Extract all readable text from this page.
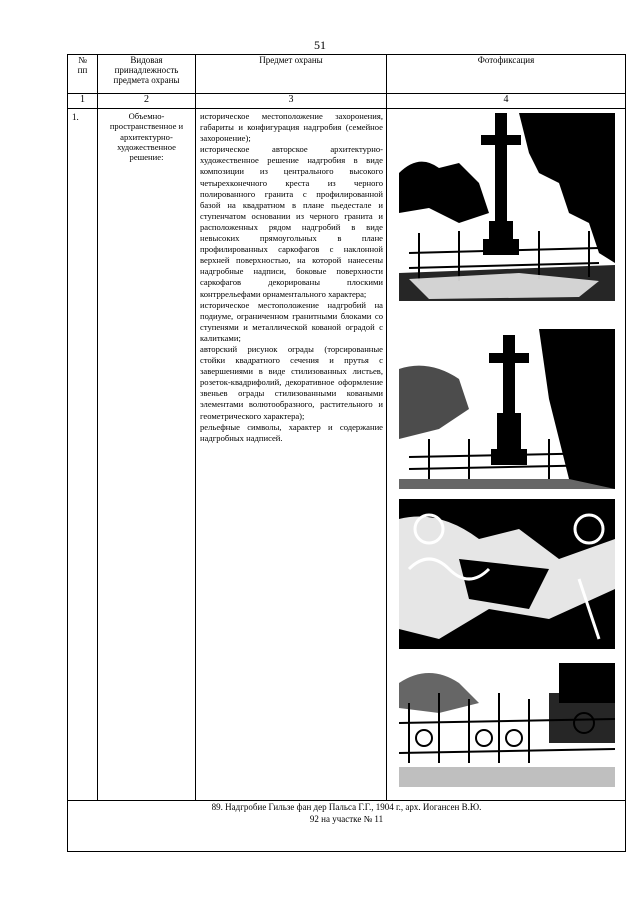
51
№
пп	Видовая принадлежность предмета охраны	Предмет охраны	Фотофиксация
1	2	3	4
1.	Объемно-пространственное и архитектурно-художественное решение:	историческое местоположение захоронения, габариты и конфигурация надгробия (семейное захоронение);

историческое авторское архитектурно-художественное решение надгробия в виде композиции из центрального высокого четырехконечного креста из черного полированного гранита с профилированной базой на квадратном в плане пьедестале и ступенчатом основании из черного гранита и расположенных рядом надгробий в виде невысоких прямоугольных в плане профилированных саркофагов с наклонной верхней поверхностью, на которой нанесены надгробные надписи, боковые поверхности саркофагов декорированы плоскими контррельефами орнаментального характера;

историческое местоположение надгробий на подиуме, ограниченном гранитными блоками со ступенями и металлической кованой оградой с калитками;

авторский рисунок ограды (торсированные стойки квадратного сечения и прутья с завершениями в виде стилизованных листьев, розеток-квадрифолий, декоративное оформление звеньев ограды стилизованными коваными элементами волютообразного, растительного и геометрического характера);

рельефные символы, характер и содержание надгробных надписей.

89. Надгробие Гильзе фан дер Пальса Г.Г., 1904 г., арх. Иогансен В.Ю.
92 на участке № 11			
